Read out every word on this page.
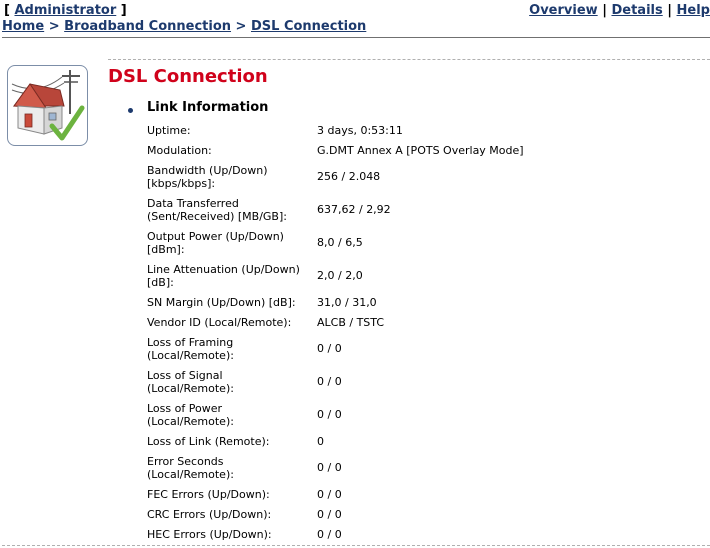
[ Administrator ]	Overview | Details | Help
Home > Broadband Connection > DSL Connection
DSL Connection
Link Information
Uptime:	3 days, 0:53:11
Modulation:	G.DMT Annex A [POTS Overlay Mode]
Bandwidth (Up/Down) [kbps/kbps]:
256 / 2.048
Data Transferred (Sent/Received) [MB/GB]:
637,62 / 2,92
Output Power (Up/Down) [dBm]:
8,0 / 6,5
Line Attenuation (Up/Down) [dB]:
2,0 / 2,0
SN Margin (Up/Down) [dB]:	31,0 / 31,0
Vendor ID (Local/Remote):	ALCB / TSTC
Loss of Framing (Local/Remote):
0 / 0
Loss of Signal (Local/Remote):
0 / 0
Loss of Power (Local/Remote):
0 / 0
Loss of Link (Remote):	0
Error Seconds (Local/Remote):
0 / 0
FEC Errors (Up/Down):	0 / 0
CRC Errors (Up/Down):	0 / 0
HEC Errors (Up/Down):	0 / 0
